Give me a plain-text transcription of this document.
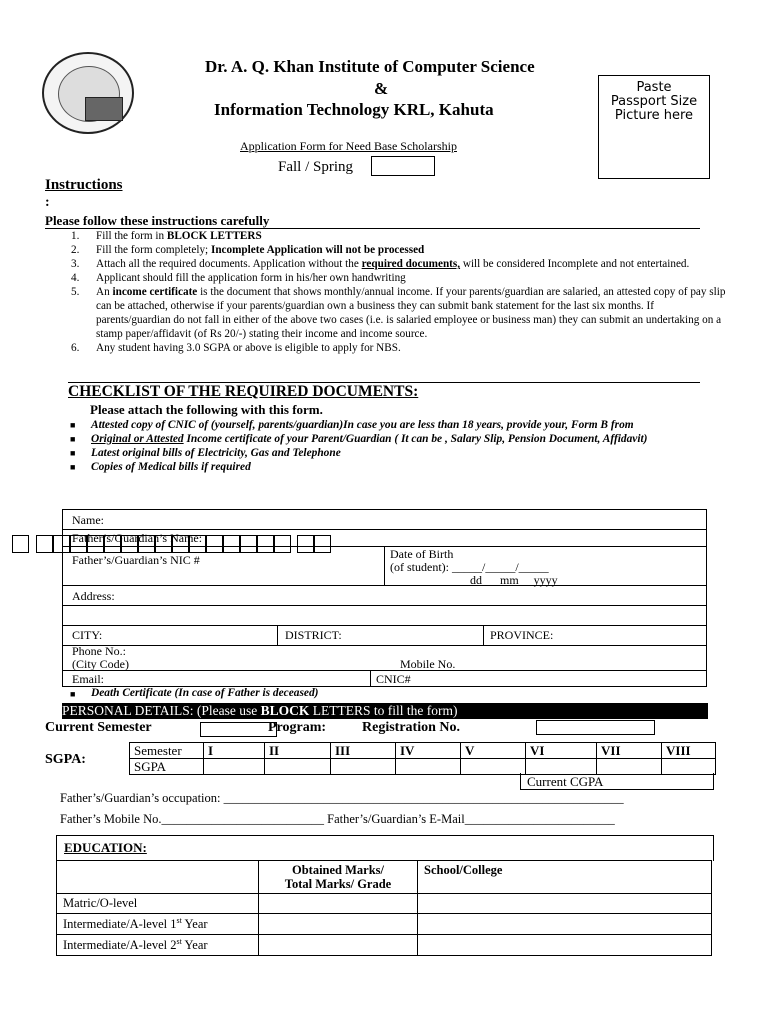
Dr. A. Q. Khan Institute of Computer Science
&
Information Technology KRL, Kahuta
Paste
Passport Size
Picture here
Application Form for Need Base Scholarship
Fall / Spring
Instructions
:
Please follow these instructions carefully
1. Fill the form in BLOCK LETTERS
2. Fill the form completely; Incomplete Application will not be processed
3. Attach all the required documents. Application without the required documents, will be considered Incomplete and not entertained.
4. Applicant should fill the application form in his/her own handwriting
5. An income certificate is the document that shows monthly/annual income. If your parents/guardian are salaried, an attested copy of pay slip can be attached, otherwise if your parents/guardian own a business they can submit bank statement for the last six months. If parents/guardian do not fall in either of the above two cases (i.e. is salaried employee or business man) they can submit an undertaking on a stamp paper/affidavit (of Rs 20/-) stating their income and income source.
6. Any student having 3.0 SGPA or above is eligible to apply for NBS.
CHECKLIST OF THE REQUIRED DOCUMENTS:
Please attach the following with this form.
■ Attested copy of CNIC of (yourself, parents/guardian)In case you are less than 18 years, provide your, Form B from
■ Original or Attested Income certificate of your Parent/Guardian ( It can be , Salary Slip, Pension Document, Affidavit)
■ Latest original bills of Electricity, Gas and Telephone
■ Copies of Medical bills if required
Name:
Father’s/Guardian’s Name:
Father’s/Guardian’s NIC #	Date of Birth
(of student): _____/_____/_____
dd      mm     yyyy
Address:
CITY:	DISTRICT:	PROVINCE:
Phone No.:
(City Code)	Mobile No.
Email:	CNIC#
■ Death Certificate (In case of Father is deceased)
PERSONAL DETAILS: (Please use BLOCK LETTERS to fill the form)
Current Semester	Program:	Registration No.
SGPA:
Semester	I	II	III	IV	V	VI	VII	VIII
SGPA								
Current CGPA
Father’s/Guardian’s occupation: ________________________________________________________________
Father’s Mobile No.__________________________ Father’s/Guardian’s E-Mail________________________
EDUCATION:

	Obtained Marks/
Total Marks/ Grade	School/College
Matric/O-level		
Intermediate/A-level 1st Year		
Intermediate/A-level 2st Year		
